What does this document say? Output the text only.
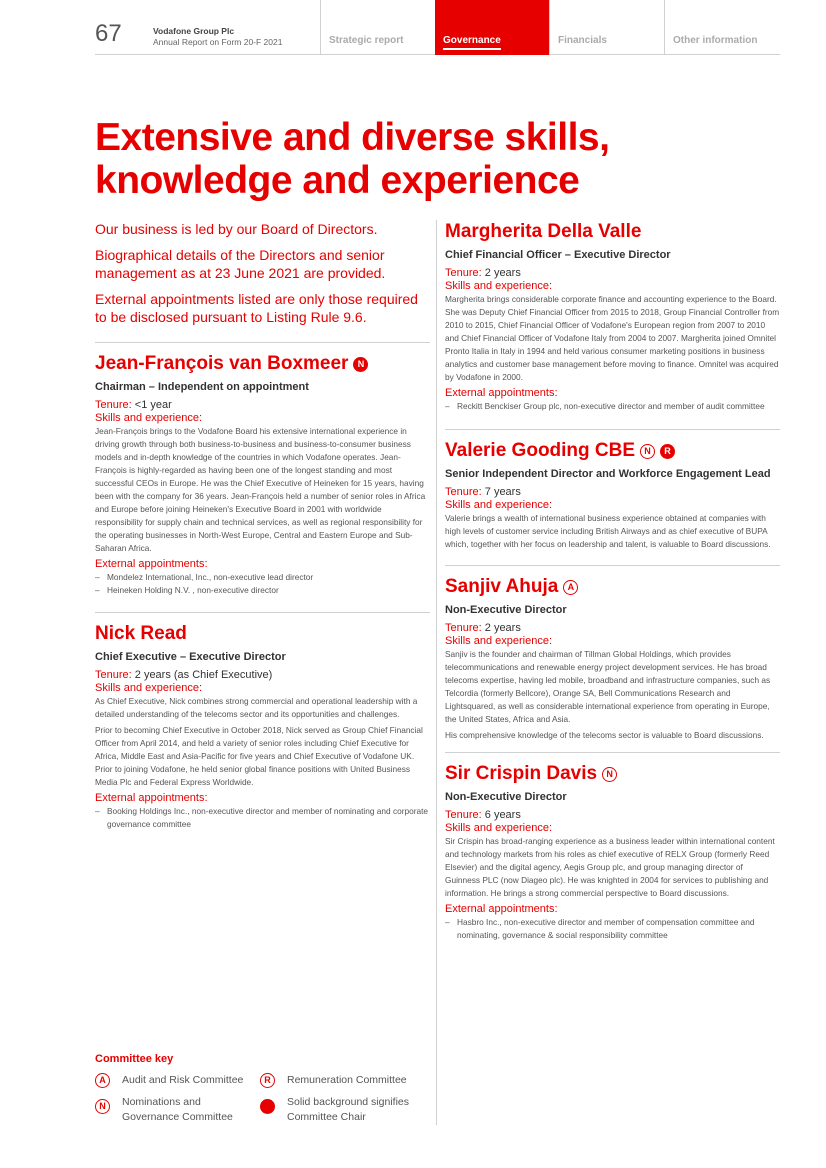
67	Vodafone Group Plc
Annual Report on Form 20-F 2021	Strategic report	Governance	Financials	Other information
Extensive and diverse skills,
knowledge and experience

Our business is led by our Board of Directors.

Biographical details of the Directors and senior management as at 23 June 2021 are provided.

External appointments listed are only those required to be disclosed pursuant to Listing Rule 9.6.

Jean-François van Boxmeer	N
Chairman – Independent on appointment
Tenure: <1 year
Skills and experience:

Jean-François brings to the Vodafone Board his extensive international experience in driving growth through both business-to-business and business-to-consumer business models and in-depth knowledge of the countries in which Vodafone operates. Jean-François is highly-regarded as having been one of the longest standing and most successful CEOs in Europe. He was the Chief Executive of Heineken for 15 years, having been with the company for 36 years. Jean-François held a number of senior roles in Africa and Europe before joining Heineken's Executive Board in 2001 with worldwide responsibility for supply chain and technical services, as well as regional responsibility for the operating businesses in North-West Europe, Central and Eastern Europe and Sub-Saharan Africa.

External appointments:
– Mondelez International, Inc., non-executive lead director
– Heineken Holding N.V. , non-executive director
Nick Read
Chief Executive – Executive Director
Tenure: 2 years (as Chief Executive)
Skills and experience:

As Chief Executive, Nick combines strong commercial and operational leadership with a detailed understanding of the telecoms sector and its opportunities and challenges.

Prior to becoming Chief Executive in October 2018, Nick served as Group Chief Financial Officer from April 2014, and held a variety of senior roles including Chief Executive for Africa, Middle East and Asia-Pacific for five years and Chief Executive of Vodafone UK. Prior to joining Vodafone, he held senior global finance positions with United Business Media Plc and Federal Express Worldwide.

External appointments:
– Booking Holdings Inc., non-executive director and member of nominating and corporate governance committee
Margherita Della Valle
Chief Financial Officer – Executive Director
Tenure: 2 years
Skills and experience:

Margherita brings considerable corporate finance and accounting experience to the Board. She was Deputy Chief Financial Officer from 2015 to 2018, Group Financial Controller from 2010 to 2015, Chief Financial Officer of Vodafone's European region from 2007 to 2010 and Chief Financial Officer of Vodafone Italy from 2004 to 2007. Margherita joined Omnitel Pronto Italia in Italy in 1994 and held various consumer marketing positions in business analytics and customer base management before moving to finance. Omnitel was acquired by Vodafone in 2000.

External appointments:
– Reckitt Benckiser Group plc, non-executive director and member of audit committee
Valerie Gooding CBE	N	R
Senior Independent Director and Workforce Engagement Lead
Tenure: 7 years
Skills and experience:

Valerie brings a wealth of international business experience obtained at companies with high levels of customer service including British Airways and as chief executive of BUPA which, together with her focus on leadership and talent, is valuable to Board discussions.

Sanjiv Ahuja	A
Non-Executive Director
Tenure: 2 years
Skills and experience:

Sanjiv is the founder and chairman of Tillman Global Holdings, which provides telecommunications and renewable energy project development services. He has broad telecoms expertise, having led mobile, broadband and infrastructure companies, such as Telcordia (formerly Bellcore), Orange SA, Bell Communications Research and Lightsquared, as well as considerable international experience from operating in Europe, the United States, Africa and Asia.

His comprehensive knowledge of the telecoms sector is valuable to Board discussions.

Sir Crispin Davis	N
Non-Executive Director
Tenure: 6 years
Skills and experience:

Sir Crispin has broad-ranging experience as a business leader within international content and technology markets from his roles as chief executive of RELX Group (formerly Reed Elsevier) and the digital agency, Aegis Group plc, and group managing director of Guinness PLC (now Diageo plc). He was knighted in 2004 for services to publishing and information. He brings a strong commercial perspective to Board discussions.

External appointments:
– Hasbro Inc., non-executive director and member of compensation committee and nominating, governance & social responsibility committee
Committee key
A	Audit and Risk Committee	R	Remuneration Committee
N	Nominations and Governance Committee
Solid background signifies Committee Chair
